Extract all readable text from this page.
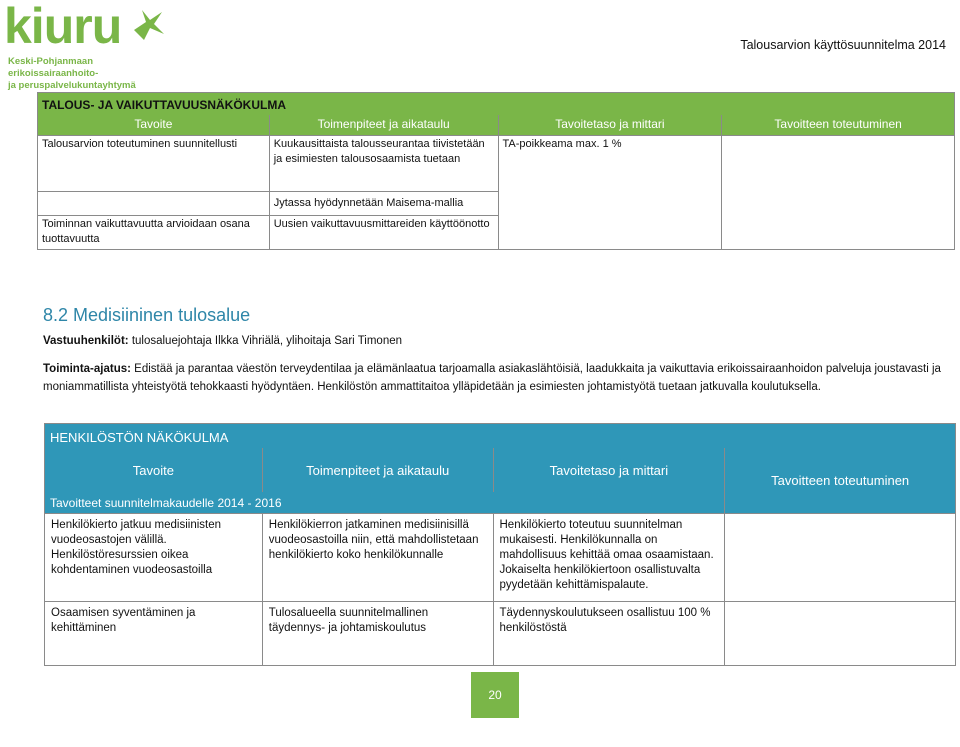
kiuru
Keski-Pohjanmaan erikoissairaanhoito-
ja peruspalvelukuntayhtymä
Talousarvion käyttösuunnitelma 2014
TALOUS- JA VAIKUTTAVUUSNÄKÖKULMA			
Tavoite	Toimenpiteet ja aikataulu	Tavoitetaso ja mittari	Tavoitteen toteutuminen
Talousarvion toteutuminen suunnitellusti	Kuukausittaista talousseurantaa tiivistetään ja esimiesten talousosaamista tuetaan	TA-poikkeama max. 1 %	
	Jytassa hyödynnetään Maisema-mallia		
Toiminnan vaikuttavuutta arvioidaan osana tuottavuutta	Uusien vaikuttavuusmittareiden käyttöönotto		
8.2 Medisiininen tulosalue
Vastuuhenkilöt: tulosaluejohtaja Ilkka Vihriälä, ylihoitaja Sari Timonen
Toiminta-ajatus: Edistää ja parantaa väestön terveydentilaa ja elämänlaatua tarjoamalla asiakaslähtöisiä, laadukkaita ja vaikuttavia erikoissairaanhoidon palveluja joustavasti ja moniammatillista yhteistyötä tehokkaasti hyödyntäen. Henkilöstön ammattitaitoa ylläpidetään ja esimiesten johtamistyötä tuetaan jatkuvalla koulutuksella.
HENKILÖSTÖN NÄKÖKULMA			
Tavoite	Toimenpiteet ja aikataulu	Tavoitetaso ja mittari	Tavoitteen toteutuminen
Tavoitteet suunnitelmakaudelle 2014 - 2016			
Henkilökierto jatkuu medisiinisten vuodeosastojen välillä. Henkilöstöresurssien oikea kohdentaminen vuodeosastoilla	Henkilökierron jatkaminen medisiinisillä vuodeosastoilla niin, että mahdollistetaan henkilökierto koko henkilökunnalle	Henkilökierto toteutuu suunnitelman mukaisesti. Henkilökunnalla on mahdollisuus kehittää omaa osaamistaan. Jokaiselta henkilökiertoon osallistuvalta pyydetään kehittämispalaute.	
Osaamisen syventäminen ja kehittäminen	Tulosalueella suunnitelmallinen täydennys- ja johtamiskoulutus	Täydennyskoulutukseen osallistuu 100 % henkilöstöstä	
20
